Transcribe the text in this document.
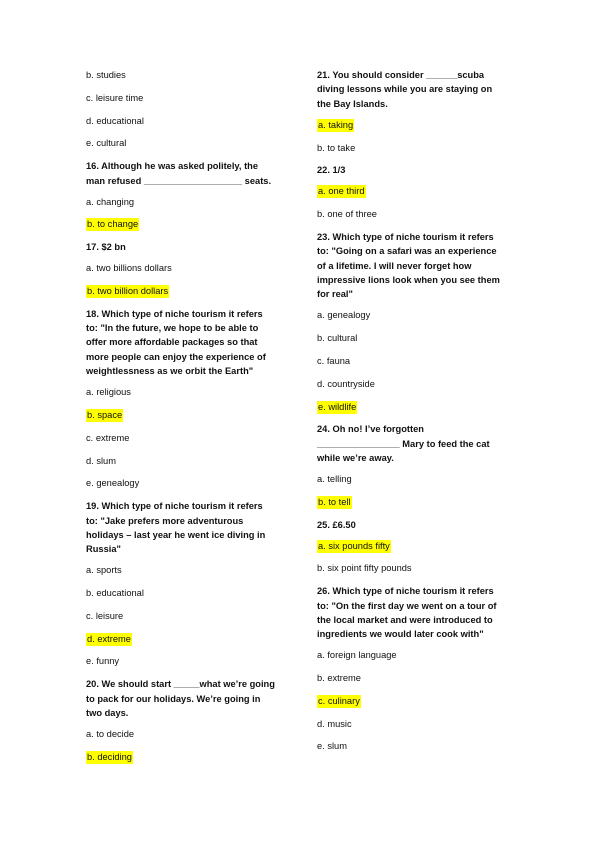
b. studies

c. leisure time

d. educational

e. cultural

16. Although he was asked politely, the

man refused ___________________ seats.

a. changing

b. to change

17. $2 bn

a. two billions dollars

b. two billion dollars

18. Which type of niche tourism it refers

to: "In the future, we hope to be able to

offer more affordable packages so that

more people can enjoy the experience of

weightlessness as we orbit the Earth"

a. religious

b. space

c. extreme

d. slum

e. genealogy

19. Which type of niche tourism it refers

to: "Jake prefers more adventurous

holidays – last year he went ice diving in

Russia"

a. sports

b. educational

c. leisure

d. extreme

e. funny

20. We should start _____what we’re going

to pack for our holidays. We’re going in

two days.

a. to decide

b. deciding

21. You should consider ______scuba

diving lessons while you are staying on

the Bay Islands.

a. taking

b. to take

22. 1/3

a. one third

b. one of three

23. Which type of niche tourism it refers

to: "Going on a safari was an experience

of a lifetime. I will never forget how

impressive lions look when you see them

for real"

a. genealogy

b. cultural

c. fauna

d. countryside

e. wildlife

24. Oh no! I’ve forgotten

________________ Mary to feed the cat

while we’re away.

a. telling

b. to tell

25. £6.50

a. six pounds fifty

b. six point fifty pounds

26. Which type of niche tourism it refers

to: "On the first day we went on a tour of

the local market and were introduced to

ingredients we would later cook with"

a. foreign language

b. extreme

c. culinary

d. music

e. slum
